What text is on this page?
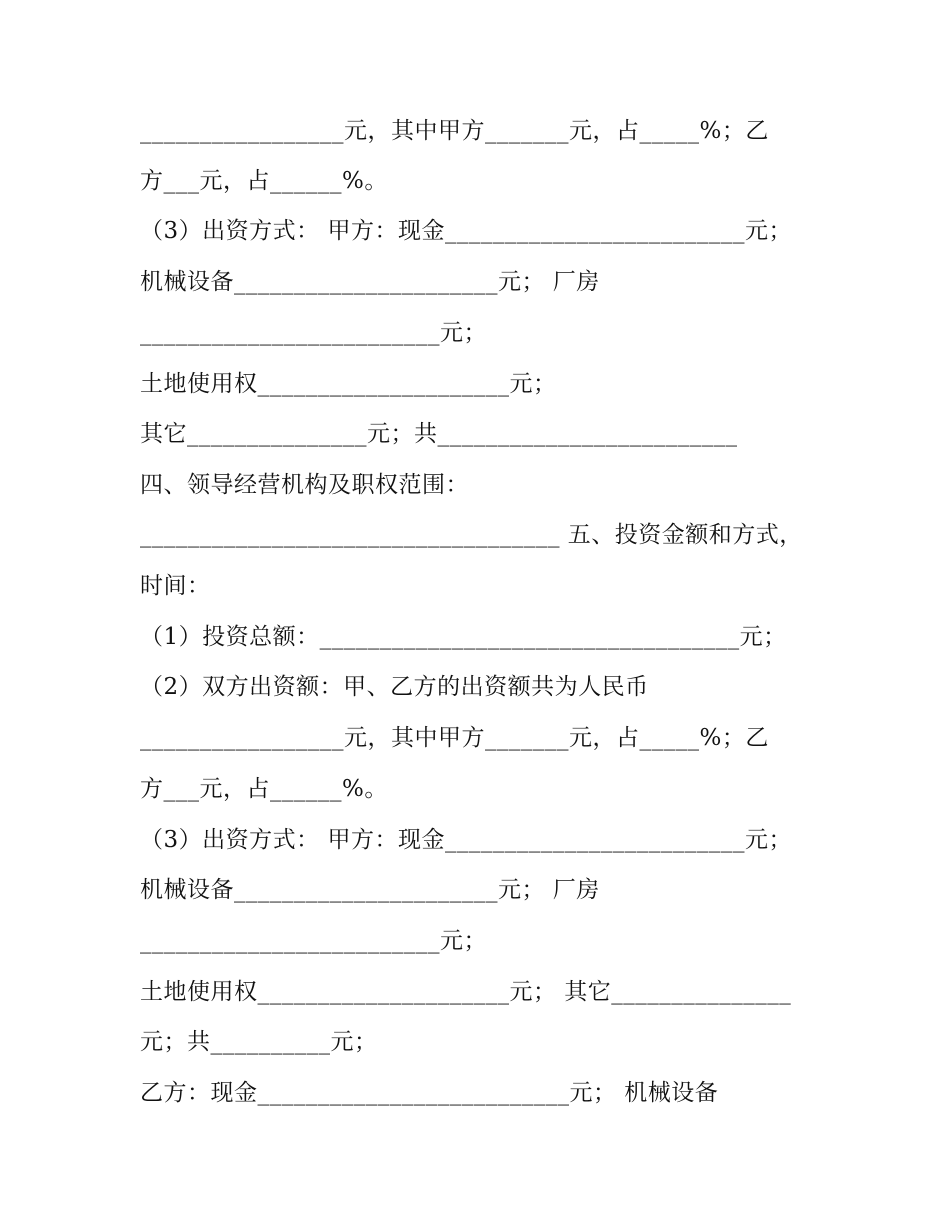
_________________元，其中甲方_______元，占_____%；乙
方___元，占______%。
（3）出资方式： 甲方：现金_________________________元；
机械设备______________________元； 厂房
_________________________元；
土地使用权_____________________元；
其它_______________元；共_________________________
四、领导经营机构及职权范围：
___________________________________ 五、投资金额和方式，
时间：
（1）投资总额：___________________________________元；
（2）双方出资额：甲、乙方的出资额共为人民币
_________________元，其中甲方_______元，占_____%；乙
方___元，占______%。
（3）出资方式： 甲方：现金_________________________元；
机械设备______________________元； 厂房
_________________________元；
土地使用权_____________________元； 其它_______________
元；共__________元；
乙方：现金__________________________元； 机械设备
